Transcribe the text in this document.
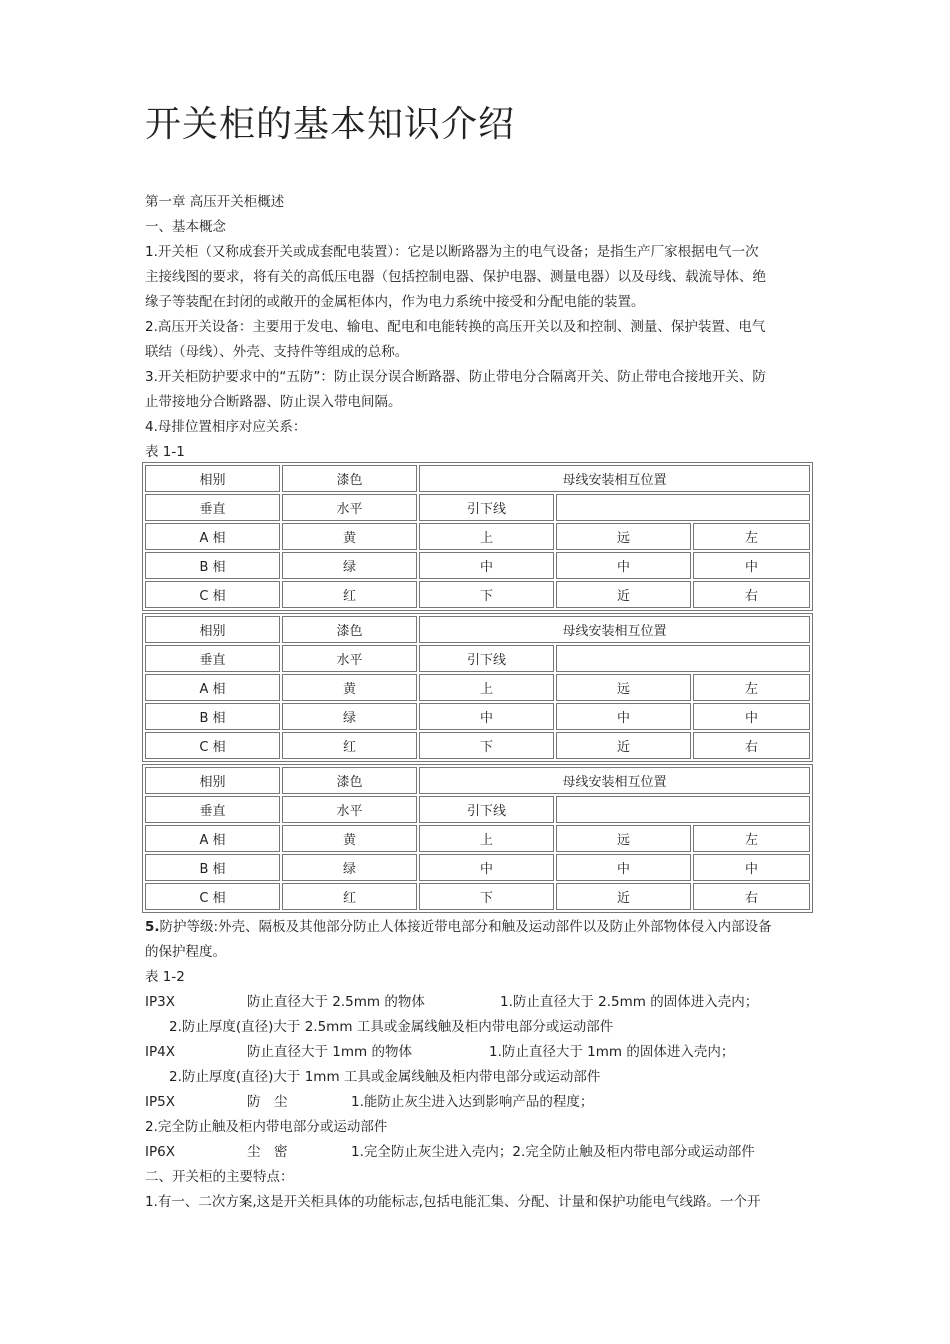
开关柜的基本知识介绍
第一章 高压开关柜概述
一、基本概念
1.开关柜（又称成套开关或成套配电装置）：它是以断路器为主的电气设备；是指生产厂家根据电气一次
主接线图的要求，将有关的高低压电器（包括控制电器、保护电器、测量电器）以及母线、载流导体、绝
缘子等装配在封闭的或敞开的金属柜体内，作为电力系统中接受和分配电能的装置。
2.高压开关设备：主要用于发电、输电、配电和电能转换的高压开关以及和控制、测量、保护装置、电气
联结（母线）、外壳、支持件等组成的总称。
3.开关柜防护要求中的“五防”：防止误分误合断路器、防止带电分合隔离开关、防止带电合接地开关、防
止带接地分合断路器、防止误入带电间隔。
4.母排位置相序对应关系：
表 1-1
相别	漆色	母线安装相互位置		
垂直	水平	引下线		
A 相	黄	上	远	左
B 相	绿	中	中	中
C 相	红	下	近	右
相别	漆色	母线安装相互位置		
垂直	水平	引下线		
A 相	黄	上	远	左
B 相	绿	中	中	中
C 相	红	下	近	右
相别	漆色	母线安装相互位置		
垂直	水平	引下线		
A 相	黄	上	远	左
B 相	绿	中	中	中
C 相	红	下	近	右
5.防护等级:外壳、隔板及其他部分防止人体接近带电部分和触及运动部件以及防止外部物体侵入内部设备
的保护程度。
表 1-2
IP3X	防止直径大于 2.5mm 的物体	1.防止直径大于 2.5mm 的固体进入壳内；
2.防止厚度(直径)大于 2.5mm 工具或金属线触及柜内带电部分或运动部件
IP4X	防止直径大于 1mm 的物体	1.防止直径大于 1mm 的固体进入壳内；
2.防止厚度(直径)大于 1mm 工具或金属线触及柜内带电部分或运动部件
IP5X	防　尘	1.能防止灰尘进入达到影响产品的程度；
2.完全防止触及柜内带电部分或运动部件
IP6X	尘　密	1.完全防止灰尘进入壳内；2.完全防止触及柜内带电部分或运动部件
二、开关柜的主要特点：
1.有一、二次方案,这是开关柜具体的功能标志,包括电能汇集、分配、计量和保护功能电气线路。一个开
